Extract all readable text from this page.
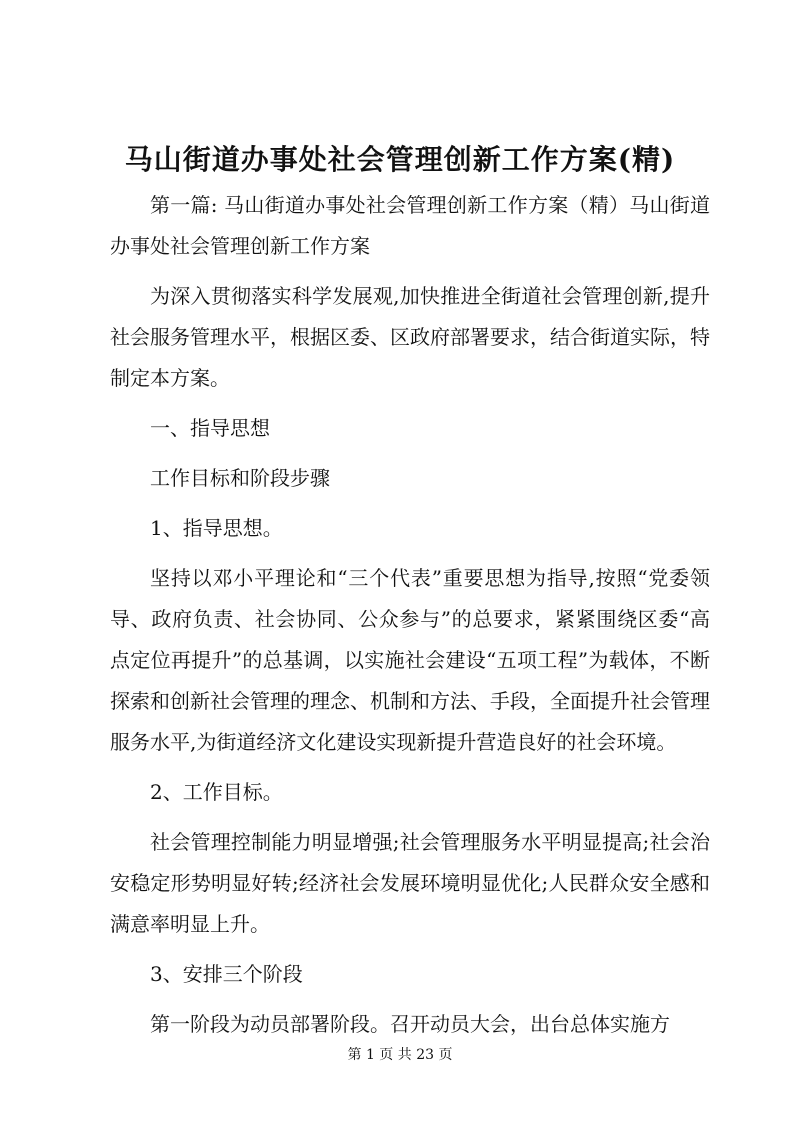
马山街道办事处社会管理创新工作方案(精)

第一篇: 马山街道办事处社会管理创新工作方案（精）马山街道办事处社会管理创新工作方案

为深入贯彻落实科学发展观,加快推进全街道社会管理创新,提升社会服务管理水平，根据区委、区政府部署要求，结合街道实际，特制定本方案。

一、指导思想

工作目标和阶段步骤

1、指导思想。

坚持以邓小平理论和“三个代表”重要思想为指导,按照“党委领导、政府负责、社会协同、公众参与”的总要求，紧紧围绕区委“高点定位再提升”的总基调，以实施社会建设“五项工程”为载体，不断探索和创新社会管理的理念、机制和方法、手段，全面提升社会管理服务水平,为街道经济文化建设实现新提升营造良好的社会环境。

2、工作目标。

社会管理控制能力明显增强;社会管理服务水平明显提高;社会治安稳定形势明显好转;经济社会发展环境明显优化;人民群众安全感和满意率明显上升。

3、安排三个阶段

第一阶段为动员部署阶段。召开动员大会，出台总体实施方

第 1 页 共 23 页
